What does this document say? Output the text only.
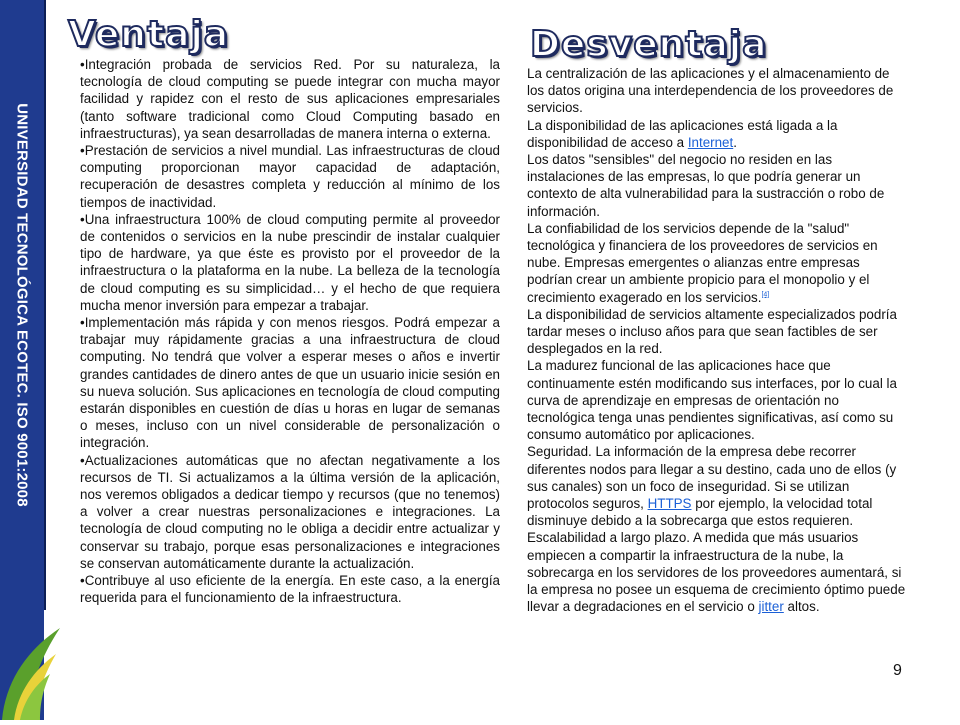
UNIVERSIDAD TECNOLÓGICA ECOTEC. ISO 9001:2008
Ventaja	Desventaja

• Integración probada de servicios Red. Por su naturaleza, la tecnología de cloud computing se puede integrar con mucha mayor facilidad y rapidez con el resto de sus aplicaciones empresariales (tanto software tradicional como Cloud Computing basado en infraestructuras), ya sean desarrolladas de manera interna o externa.

• Prestación de servicios a nivel mundial. Las infraestructuras de cloud computing proporcionan mayor capacidad de adaptación, recuperación de desastres completa y reducción al mínimo de los tiempos de inactividad.

• Una infraestructura 100% de cloud computing permite al proveedor de contenidos o servicios en la nube prescindir de instalar cualquier tipo de hardware, ya que éste es provisto por el proveedor de la infraestructura o la plataforma en la nube. La belleza de la tecnología de cloud computing es su simplicidad… y el hecho de que requiera mucha menor inversión para empezar a trabajar.

• Implementación más rápida y con menos riesgos. Podrá empezar a trabajar muy rápidamente gracias a una infraestructura de cloud computing. No tendrá que volver a esperar meses o años e invertir grandes cantidades de dinero antes de que un usuario inicie sesión en su nueva solución. Sus aplicaciones en tecnología de cloud computing estarán disponibles en cuestión de días u horas en lugar de semanas o meses, incluso con un nivel considerable de personalización o integración.

• Actualizaciones automáticas que no afectan negativamente a los recursos de TI. Si actualizamos a la última versión de la aplicación, nos veremos obligados a dedicar tiempo y recursos (que no tenemos) a volver a crear nuestras personalizaciones e integraciones. La tecnología de cloud computing no le obliga a decidir entre actualizar y conservar su trabajo, porque esas personalizaciones e integraciones se conservan automáticamente durante la actualización.

• Contribuye al uso eficiente de la energía. En este caso, a la energía requerida para el funcionamiento de la infraestructura.

La centralización de las aplicaciones y el almacenamiento de los datos origina una interdependencia de los proveedores de servicios.

La disponibilidad de las aplicaciones está ligada a la disponibilidad de acceso a Internet.

Los datos "sensibles" del negocio no residen en las instalaciones de las empresas, lo que podría generar un contexto de alta vulnerabilidad para la sustracción o robo de información.

La confiabilidad de los servicios depende de la "salud" tecnológica y financiera de los proveedores de servicios en nube. Empresas emergentes o alianzas entre empresas podrían crear un ambiente propicio para el monopolio y el crecimiento exagerado en los servicios.[4]

La disponibilidad de servicios altamente especializados podría tardar meses o incluso años para que sean factibles de ser desplegados en la red.

La madurez funcional de las aplicaciones hace que continuamente estén modificando sus interfaces, por lo cual la curva de aprendizaje en empresas de orientación no tecnológica tenga unas pendientes significativas, así como su consumo automático por aplicaciones.

Seguridad. La información de la empresa debe recorrer diferentes nodos para llegar a su destino, cada uno de ellos (y sus canales) son un foco de inseguridad. Si se utilizan protocolos seguros, HTTPS por ejemplo, la velocidad total disminuye debido a la sobrecarga que estos requieren.

Escalabilidad a largo plazo. A medida que más usuarios empiecen a compartir la infraestructura de la nube, la sobrecarga en los servidores de los proveedores aumentará, si la empresa no posee un esquema de crecimiento óptimo puede llevar a degradaciones en el servicio o jitter altos.

9
